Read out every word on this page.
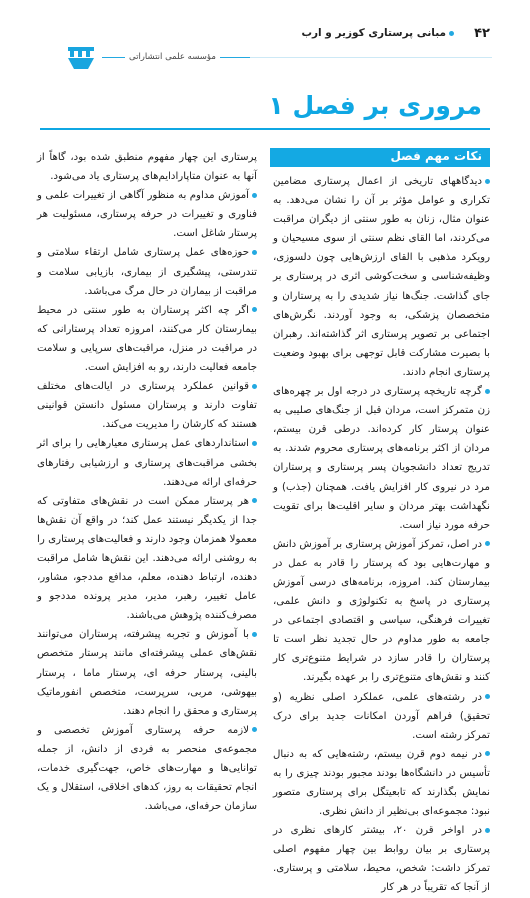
۴۲
مبانی پرستاری کوزیر و ارب
مؤسسه علمی انتشاراتی
مروری بر فصل ۱
نکات مهم فصل

دیدگاههای تاریخی از اعمال پرستاری مضامین تکراری و عوامل مؤثر بر آن را نشان می‌دهد. به عنوان مثال، زنان به طور سنتی از دیگران مراقبت می‌کردند، اما القای نظم سنتی از سوی مسیحیان و رویکرد مذهبی با القای ارزش‌هایی چون دلسوزی، وظیفه‌شناسی و سخت‌کوشی اثری در پرستاری بر جای گذاشت. جنگ‌ها نیاز شدیدی را به پرستاران و متخصصان پزشکی، به وجود آوردند. نگرش‌های اجتماعی بر تصویر پرستاری اثر گذاشته‌اند. رهبران با بصیرت مشارکت قابل توجهی برای بهبود وضعیت پرستاری انجام دادند.

گرچه تاریخچه پرستاری در درجه اول بر چهره‌های زن متمرکز است، مردان قبل از جنگ‌های صلیبی به عنوان پرستار کار کرده‌اند. درطی قرن بیستم، مردان از اکثر برنامه‌های پرستاری محروم شدند. به تدریج تعداد دانشجویان پسر پرستاری و پرستاران مرد در نیروی کار افزایش یافت. همچنان (جذب) و نگهداشت بهتر مردان و سایر اقلیت‌ها برای تقویت حرفه مورد نیاز است.

در اصل، تمرکز آموزش پرستاری بر آموزش دانش و مهارت‌هایی بود که پرستار را قادر به عمل در بیمارستان کند. امروزه، برنامه‌های درسی آموزش پرستاری در پاسخ به تکنولوژی و دانش علمی، تغییرات فرهنگی، سیاسی و اقتصادی اجتماعی در جامعه به طور مداوم در حال تجدید نظر است تا پرستاران را قادر سازد در شرایط متنوع‌تری کار کنند و نقش‌های متنوع‌تری را بر عهده بگیرند.

در رشته‌های علمی، عملکرد اصلی نظریه (و تحقیق) فراهم آوردن امکانات جدید برای درک تمرکز رشته است.

در نیمه دوم قرن بیستم، رشته‌هایی که به دنبال تأسیس در دانشگاه‌ها بودند مجبور بودند چیزی را به نمایش بگذارند که تابعیتگل برای پرستاری متصور نبود: مجموعه‌ای بی‌نظیر از دانش نظری.

در اواخر قرن ۲۰، بیشتر کارهای نظری در پرستاری بر بیان روابط بین چهار مفهوم اصلی تمرکز داشت: شخص، محیط، سلامتی و پرستاری. از آنجا که تقریباً در هر کار

پرستاری این چهار مفهوم منطبق شده بود، گاهاً از آنها به عنوان متاپارادایم‌های پرستاری یاد می‌شود.

آموزش مداوم به منظور آگاهی از تغییرات علمی و فناوری و تغییرات در حرفه پرستاری، مسئولیت هر پرستار شاغل است.

حوزه‌های عمل پرستاری شامل ارتقاء سلامتی و تندرستی، پیشگیری از بیماری، بازیابی سلامت و مراقبت از بیماران در حال مرگ می‌باشد.

اگر چه اکثر پرستاران به طور سنتی در محیط بیمارستان کار می‌کنند، امروزه تعداد پرستارانی که در مراقبت در منزل، مراقبت‌های سرپایی و سلامت جامعه فعالیت دارند، رو به افزایش است.

قوانین عملکرد پرستاری در ایالت‌های مختلف تفاوت دارند و پرستاران مسئول دانستن قوانینی هستند که کارشان را مدیریت می‌کند.

استانداردهای عمل پرستاری معیارهایی را برای اثر بخشی مراقبت‌های پرستاری و ارزشیابی رفتارهای حرفه‌ای ارائه می‌دهند.

هر پرستار ممکن است در نقش‌های متفاوتی که جدا از یکدیگر نیستند عمل کند؛ در واقع آن نقش‌ها معمولا همزمان وجود دارند و فعالیت‌های پرستاری را به روشنی ارائه می‌دهند. این نقش‌ها شامل مراقبت دهنده، ارتباط دهنده، معلم، مدافع مددجو، مشاور، عامل تغییر، رهبر، مدیر، مدیر پرونده مددجو و مصرف‌کننده پژوهش می‌باشند.

با آموزش و تجربه پیشرفته، پرستاران می‌توانند نقش‌های عملی پیشرفته‌ای مانند پرستار متخصص بالینی، پرستار حرفه ای، پرستار ماما ، پرستار بیهوشی، مربی، سرپرست، متخصص انفورماتیک پرستاری و محقق را انجام دهند.

لازمه حرفه پرستاری آموزش تخصصی و مجموعه‌ی منحصر به فردی از دانش، از جمله توانایی‌ها و مهارت‌های خاص، جهت‌گیری خدمات، انجام تحقیقات به روز، کدهای اخلاقی، استقلال و یک سازمان حرفه‌ای، می‌باشد.
